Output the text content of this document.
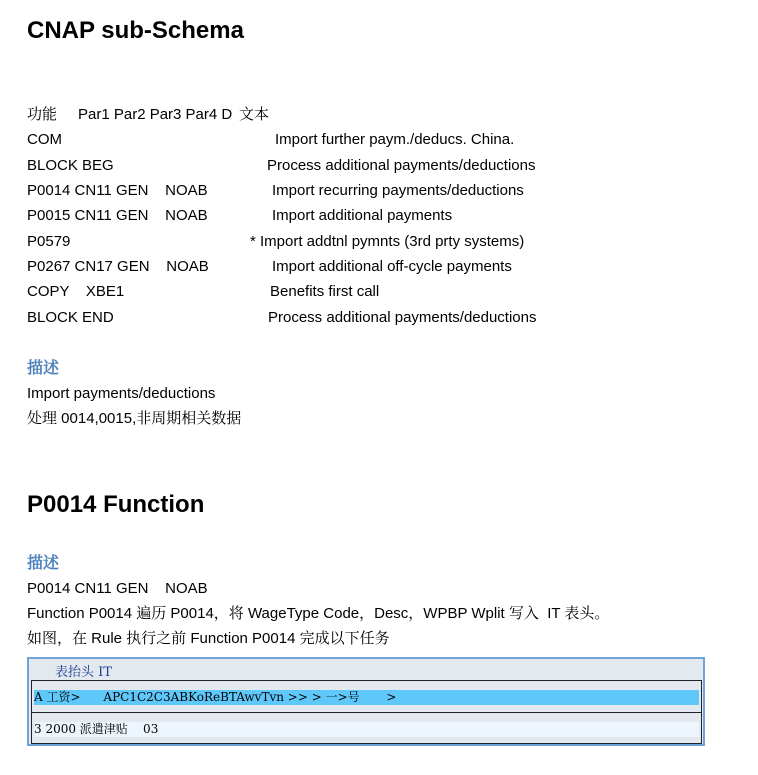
CNAP sub-Schema
功能 Par1 Par2 Par3 Par4 D 文本
COM	Import further paym./deducs. China.
BLOCK BEG	Process additional payments/deductions
P0014 CN11 GEN    NOAB	Import recurring payments/deductions
P0015 CN11 GEN    NOAB	Import additional payments
P0579	* Import addtnl pymnts (3rd prty systems)
P0267 CN17 GEN    NOAB	Import additional off-cycle payments
COPY    XBE1	Benefits first call
BLOCK END	Process additional payments/deductions
描述
Import payments/deductions
处理 0014,0015,非周期相关数据
P0014 Function
描述
P0014 CN11 GEN    NOAB
Function P0014 遍历 P0014，将 WageType Code，Desc，WPBP Wplit 写入  IT 表头。
如图，在 Rule 执行之前 Function P0014 完成以下任务
表抬头 IT
A 工资>      APC1C2C3ABKoReBTAwvTvn >> > 一>号       >
3 2000 派遣津贴    03
